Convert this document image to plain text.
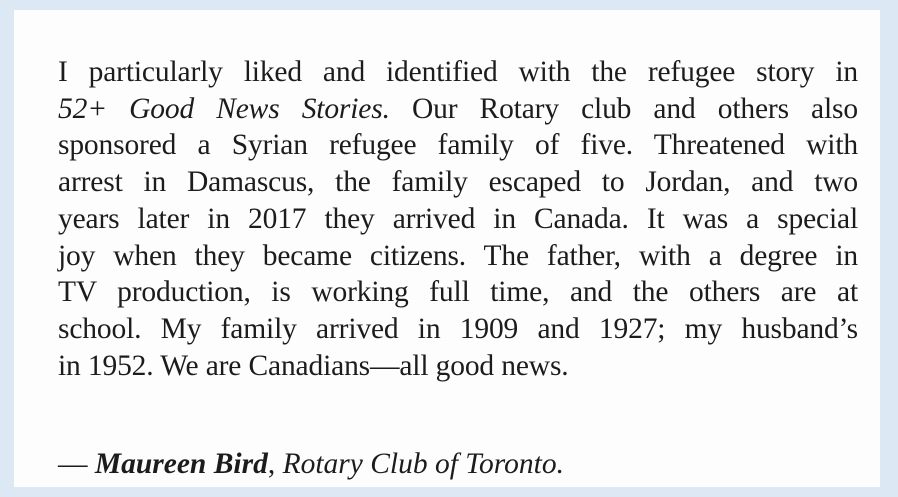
I particularly liked and identified with the refugee story in
52+ Good News Stories. Our Rotary club and others also
sponsored a Syrian refugee family of five. Threatened with
arrest in Damascus, the family escaped to Jordan, and two
years later in 2017 they arrived in Canada. It was a special
joy when they became citizens. The father, with a degree in
TV production, is working full time, and the others are at
school. My family arrived in 1909 and 1927; my husband’s
in 1952. We are Canadians—all good news.
— Maureen Bird, Rotary Club of Toronto.
